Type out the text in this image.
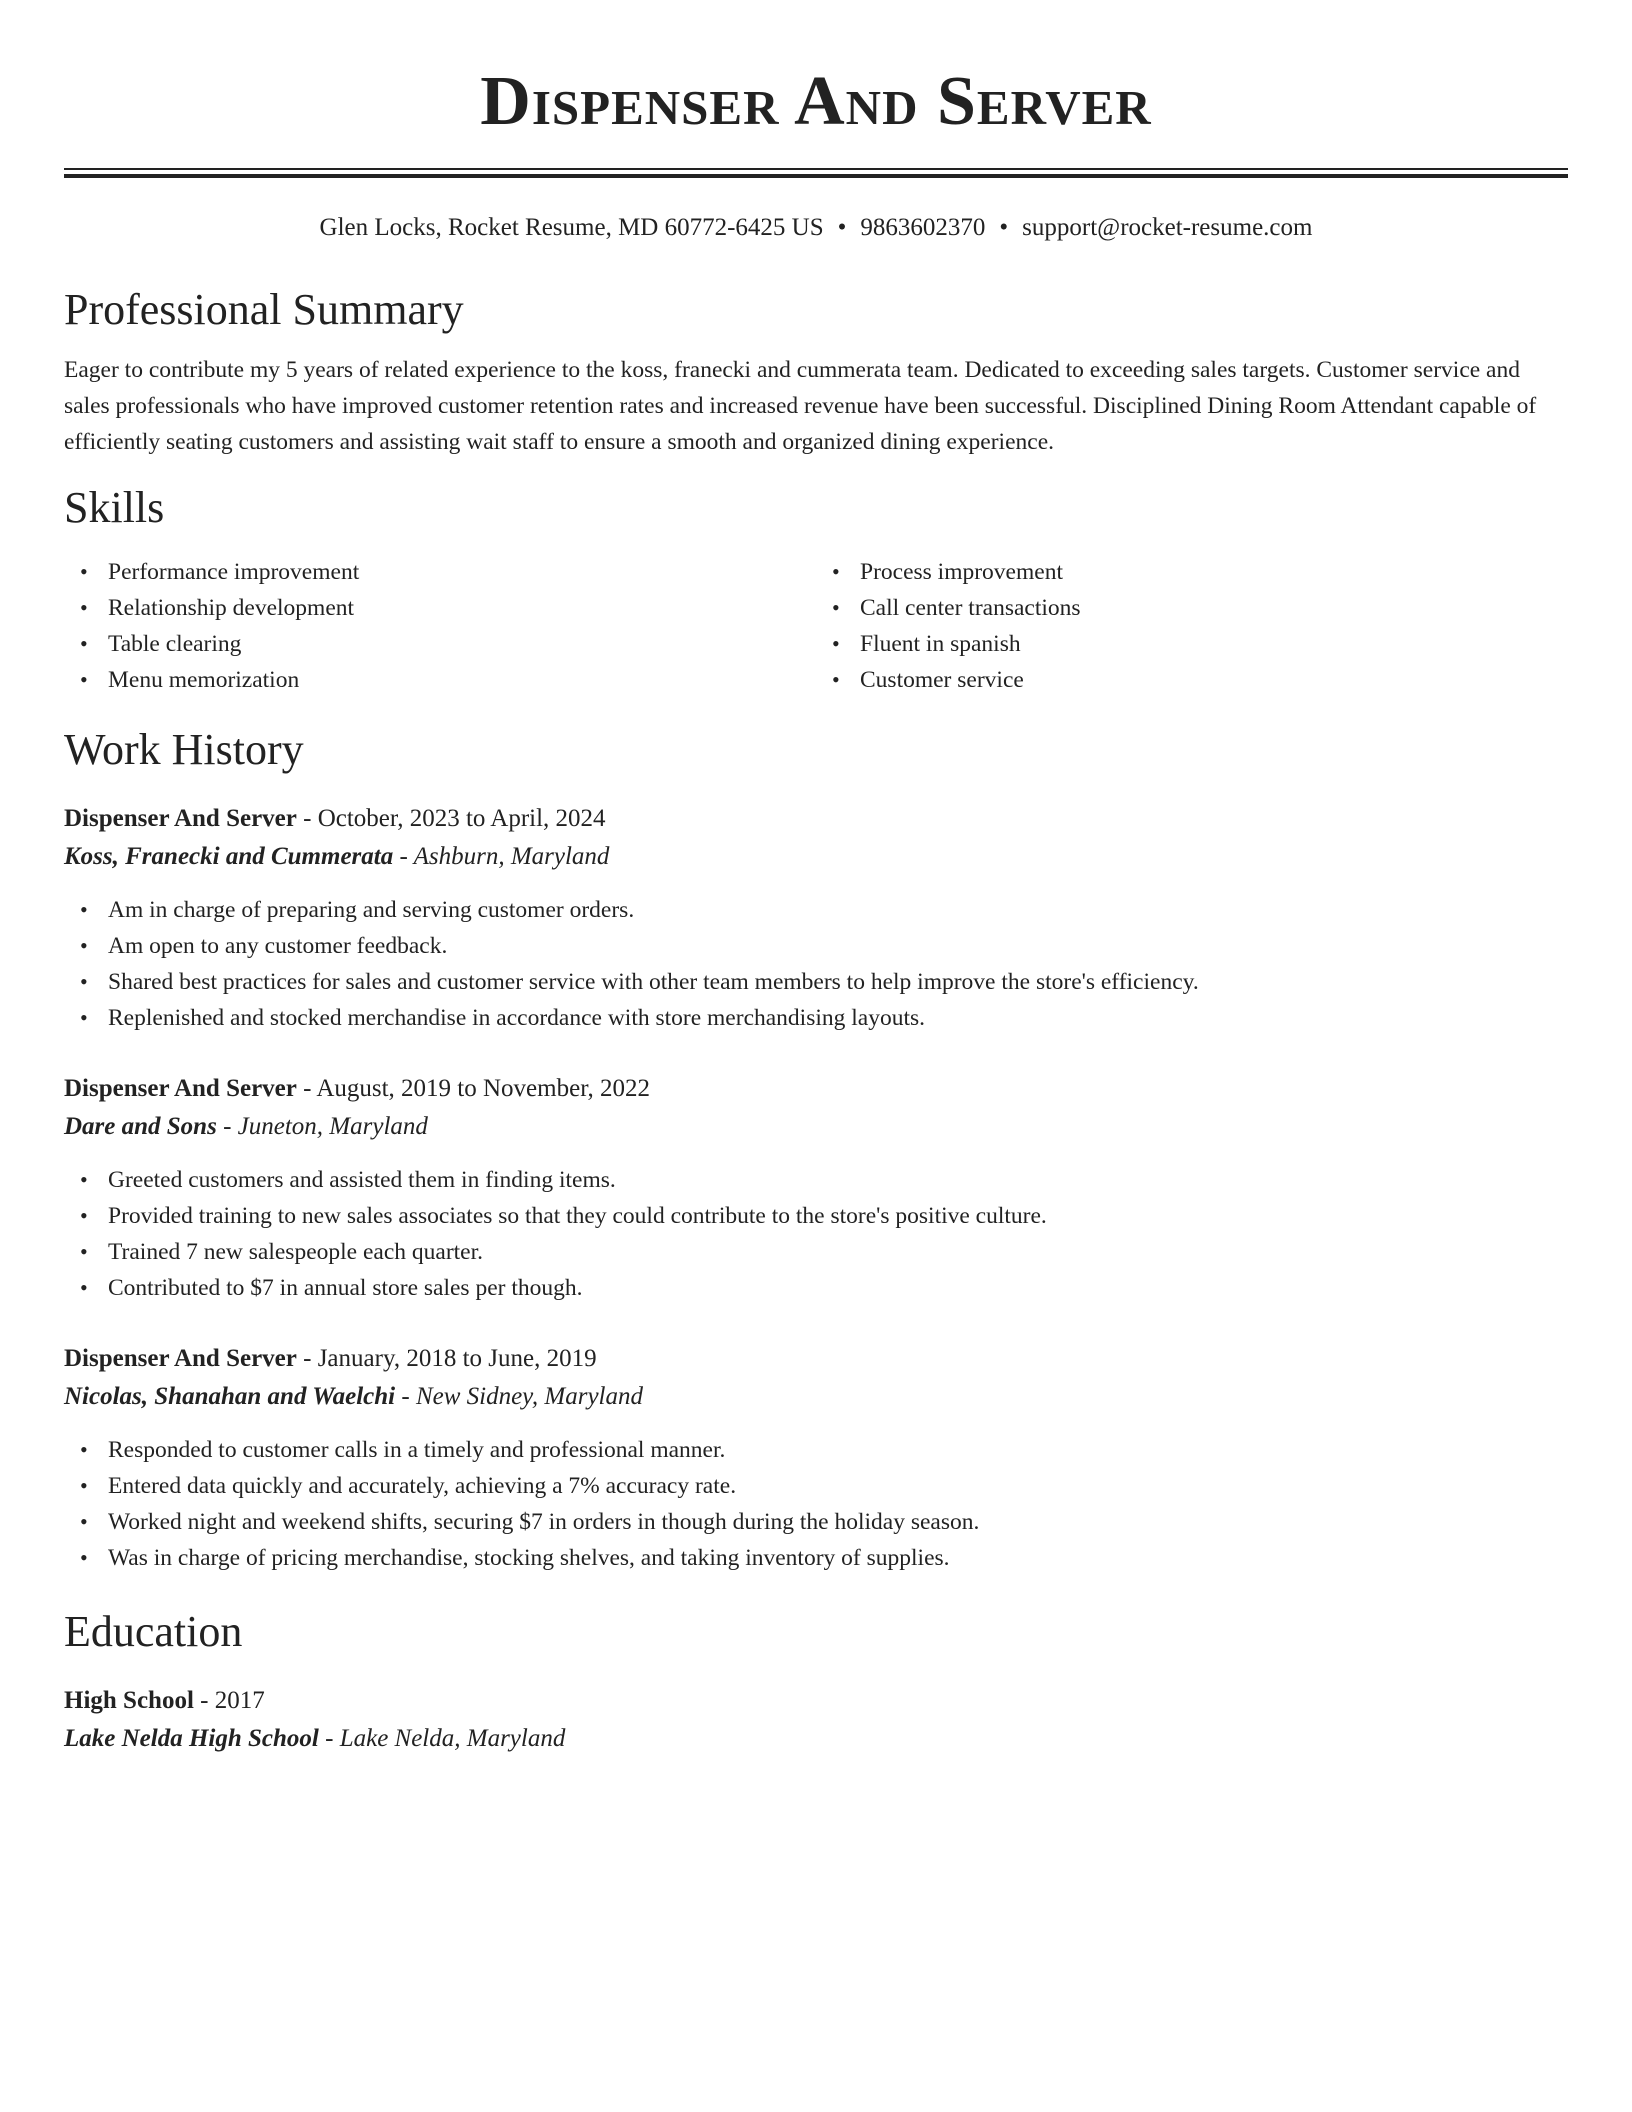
Dispenser And Server
Glen Locks, Rocket Resume, MD 60772-6425 US • 9863602370 • support@rocket-resume.com
Professional Summary

Eager to contribute my 5 years of related experience to the koss, franecki and cummerata team. Dedicated to exceeding sales targets. Customer service and sales professionals who have improved customer retention rates and increased revenue have been successful. Disciplined Dining Room Attendant capable of efficiently seating customers and assisting wait staff to ensure a smooth and organized dining experience.

Skills
• Performance improvement
• Relationship development
• Table clearing
• Menu memorization
• Process improvement
• Call center transactions
• Fluent in spanish
• Customer service
Work History
Dispenser And Server - October, 2023 to April, 2024
Koss, Franecki and Cummerata - Ashburn, Maryland
• Am in charge of preparing and serving customer orders.
• Am open to any customer feedback.
• Shared best practices for sales and customer service with other team members to help improve the store's efficiency.
• Replenished and stocked merchandise in accordance with store merchandising layouts.
Dispenser And Server - August, 2019 to November, 2022
Dare and Sons - Juneton, Maryland
• Greeted customers and assisted them in finding items.
• Provided training to new sales associates so that they could contribute to the store's positive culture.
• Trained 7 new salespeople each quarter.
• Contributed to $7 in annual store sales per though.
Dispenser And Server - January, 2018 to June, 2019
Nicolas, Shanahan and Waelchi - New Sidney, Maryland
• Responded to customer calls in a timely and professional manner.
• Entered data quickly and accurately, achieving a 7% accuracy rate.
• Worked night and weekend shifts, securing $7 in orders in though during the holiday season.
• Was in charge of pricing merchandise, stocking shelves, and taking inventory of supplies.
Education
High School - 2017
Lake Nelda High School - Lake Nelda, Maryland
